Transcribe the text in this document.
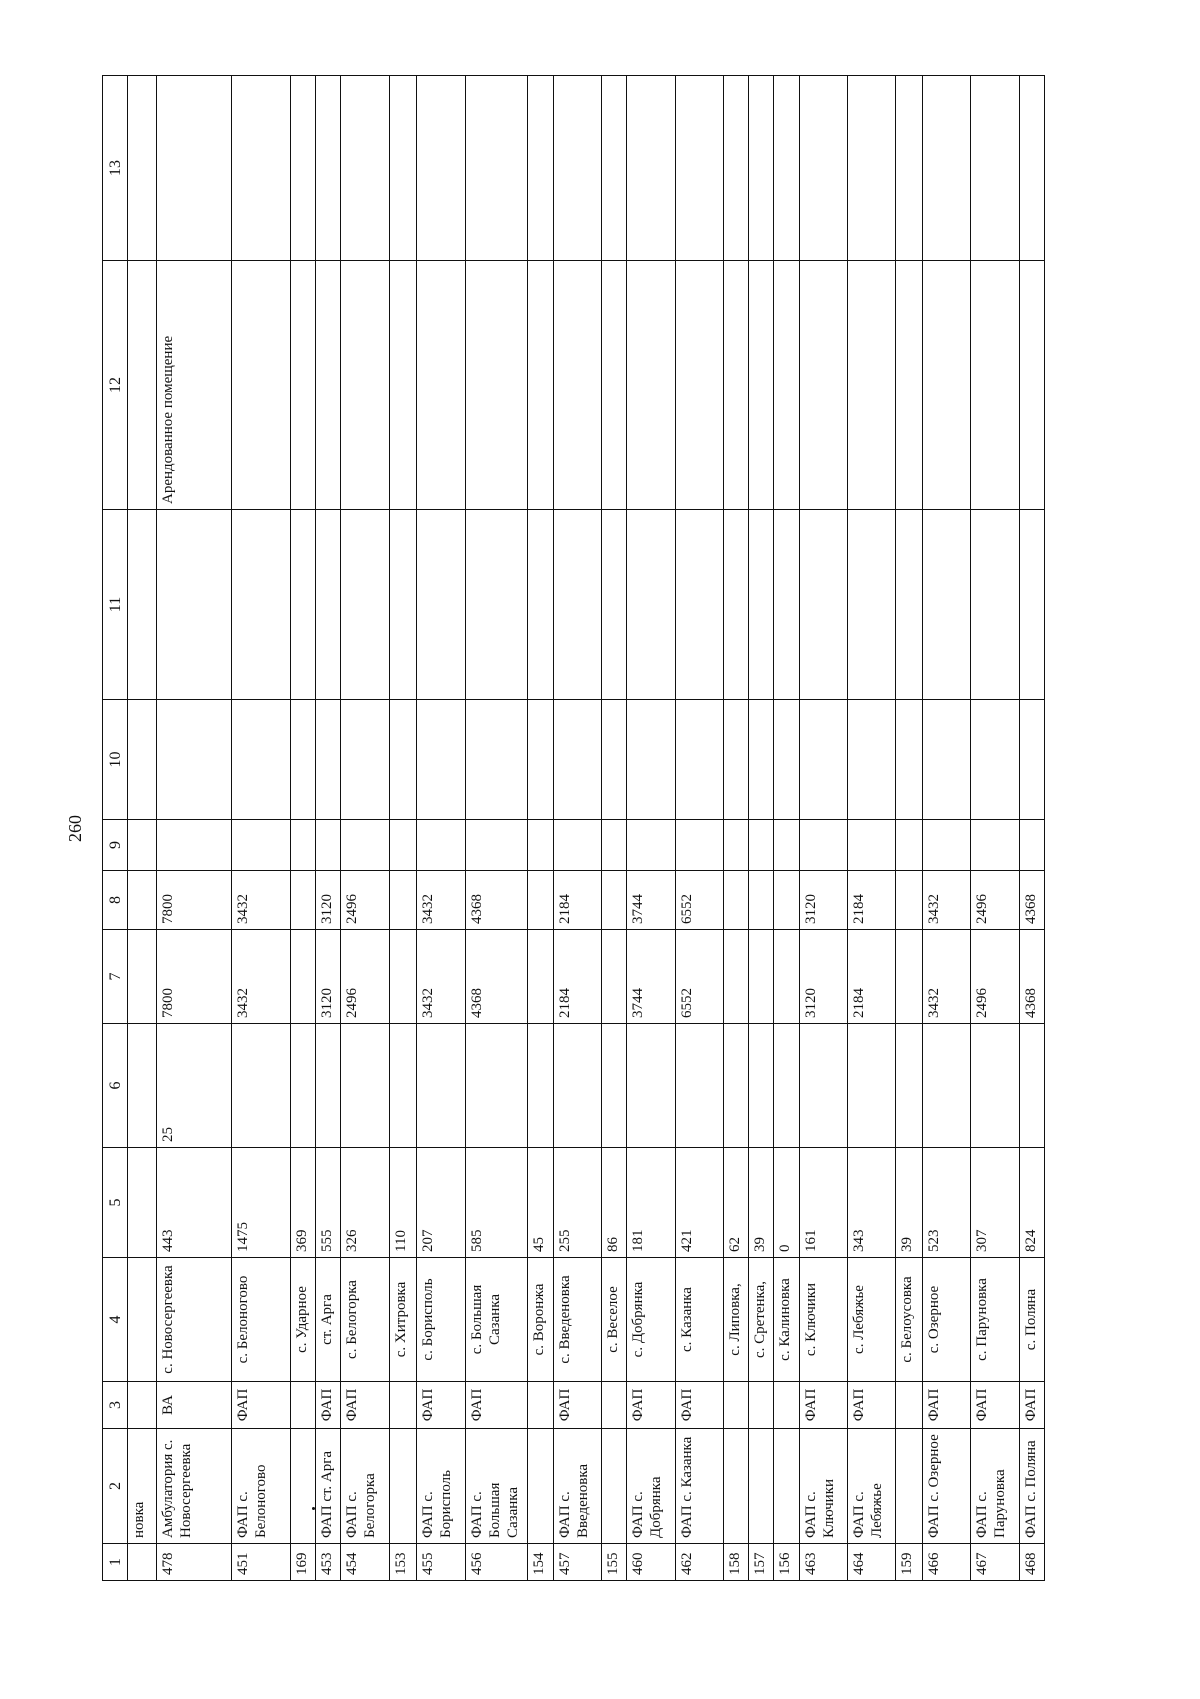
260
1	2	3	4	5	6	7	8	9	10	11	12	13
	новка											
478	Амбулатория с. Новосергеевка	ВА	с. Новосергеевка	443	25	7800	7800				Арендованное помещение	
451	ФАП с. Белоногово	ФАП	с. Белоногово	1475		3432	3432					
169			с. Ударное	369								
453	ФАП ст. Арга	ФАП	ст. Арга	555		3120	3120					
454	ФАП с. Белогорка	ФАП	с. Белогорка	326		2496	2496					
153			с. Хитровка	110								
455	ФАП с. Борисполь	ФАП	с. Борисполь	207		3432	3432					
456	ФАП с. Большая Сазанка	ФАП	с. Большая Сазанка	585		4368	4368					
154			с. Воронжа	45								
457	ФАП с. Введеновка	ФАП	с. Введеновка	255		2184	2184					
155			с. Веселое	86								
460	ФАП с. Добрянка	ФАП	с. Добрянка	181		3744	3744					
462	ФАП с. Казанка	ФАП	с. Казанка	421		6552	6552					
158			с. Липовка,	62								
157			с. Сретенка,	39								
156			с. Калиновка	0								
463	ФАП с. Ключики	ФАП	с. Ключики	161		3120	3120					
464	ФАП с. Лебяжье	ФАП	с. Лебяжье	343		2184	2184					
159			с. Белоусовка	39								
466	ФАП с. Озерное	ФАП	с. Озерное	523		3432	3432					
467	ФАП с. Паруновка	ФАП	с. Паруновка	307		2496	2496					
468	ФАП с. Поляна	ФАП	с. Поляна	824		4368	4368					
